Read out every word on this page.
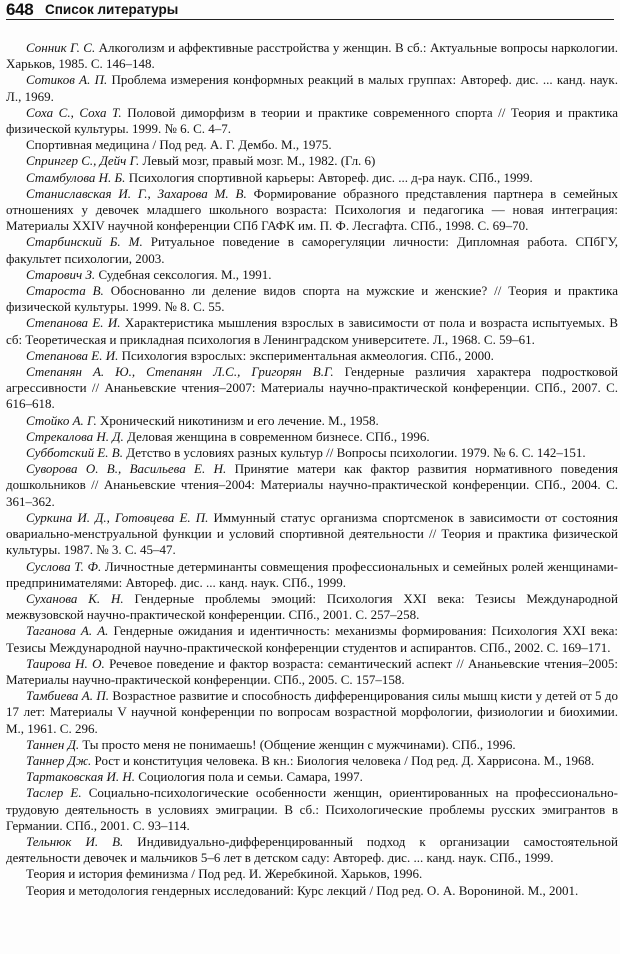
648 Список литературы

Сонник Г. С. Алкоголизм и аффективные расстройства у женщин. В сб.: Актуальные вопросы наркологии. Харьков, 1985. С. 146–148.

Сотиков А. П. Проблема измерения конформных реакций в малых группах: Автореф. дис. ... канд. наук. Л., 1969.

Соха С., Соха Т. Половой диморфизм в теории и практике современного спорта // Теория и практика физической культуры. 1999. № 6. С. 4–7.

Спортивная медицина / Под ред. А. Г. Дембо. М., 1975.

Спрингер С., Дейч Г. Левый мозг, правый мозг. М., 1982. (Гл. 6)

Стамбулова Н. Б. Психология спортивной карьеры: Автореф. дис. ... д-ра наук. СПб., 1999.

Станиславская И. Г., Захарова М. В. Формирование образного представления партнера в семейных отношениях у девочек младшего школьного возраста: Психология и педагогика — новая интеграция: Материалы XXIV научной конференции СПб ГАФК им. П. Ф. Лесгафта. СПб., 1998. С. 69–70.

Старбинский Б. М. Ритуальное поведение в самορегуляции личности: Дипломная работа. СПбГУ, факультет психологии, 2003.

Старович З. Судебная сексология. М., 1991.

Староста В. Обоснованно ли деление видов спорта на мужские и женские? // Теория и практика физической культуры. 1999. № 8. С. 55.

Степанова Е. И. Характеристика мышления взрослых в зависимости от пола и возраста испытуемых. В сб: Теоретическая и прикладная психология в Ленинградском университете. Л., 1968. С. 59–61.

Степанова Е. И. Психология взрослых: экспериментальная акмеология. СПб., 2000.

Степанян А. Ю., Степанян Л.С., Григорян В.Г. Гендерные различия характера подростковой агрессивности // Ананьевские чтения–2007: Материалы научно-практической конференции. СПб., 2007. С. 616–618.

Стойко А. Г. Хронический никотинизм и его лечение. М., 1958.

Стрекалова Н. Д. Деловая женщина в современном бизнесе. СПб., 1996.

Субботский Е. В. Детство в условиях разных культур // Вопросы психологии. 1979. № 6. С. 142–151.

Суворова О. В., Васильева Е. Н. Принятие матери как фактор развития нормативного поведения дошкольников // Ананьевские чтения–2004: Материалы научно-практической конференции. СПб., 2004. С. 361–362.

Суркина И. Д., Готовцева Е. П. Иммунный статус организма спортсменок в зависимости от состояния овариально-менструальной функции и условий спортивной деятельности // Теория и практика физической культуры. 1987. № 3. С. 45–47.

Суслова Т. Ф. Личностные детерминанты совмещения профессиональных и семейных ролей женщинами-предпринимателями: Автореф. дис. ... канд. наук. СПб., 1999.

Суханова К. Н. Гендерные проблемы эмоций: Психология XXI века: Тезисы Международной межвузовской научно-практической конференции. СПб., 2001. С. 257–258.

Таганова А. А. Гендерные ожидания и идентичность: механизмы формирования: Психология XXI века: Тезисы Международной научно-практической конференции студентов и аспирантов. СПб., 2002. С. 169–171.

Таирова Н. О. Речевое поведение и фактор возраста: семантический аспект // Ананьевские чтения–2005: Материалы научно-практической конференции. СПб., 2005. С. 157–158.

Тамбиева А. П. Возрастное развитие и способность дифференцирования силы мышц кисти у детей от 5 до 17 лет: Материалы V научной конференции по вопросам возрастной морфологии, физиологии и биохимии. М., 1961. С. 296.

Таннен Д. Ты просто меня не понимаешь! (Общение женщин с мужчинами). СПб., 1996.

Таннер Дж. Рост и конституция человека. В кн.: Биология человека / Под ред. Д. Харрисона. М., 1968.

Тартаковская И. Н. Социология пола и семьи. Самара, 1997.

Таслер Е. Социально-психологические особенности женщин, ориентированных на профессионально-трудовую деятельность в условиях эмиграции. В сб.: Психологические проблемы русских эмигрантов в Германии. СПб., 2001. С. 93–114.

Тельнюк И. В. Индивидуально-дифференцированный подход к организации самостоятельной деятельности девочек и мальчиков 5–6 лет в детском саду: Автореф. дис. ... канд. наук. СПб., 1999.

Теория и история феминизма / Под ред. И. Жеребкиной. Харьков, 1996.

Теория и методология гендерных исследований: Курс лекций / Под ред. О. А. Ворониной. М., 2001.
